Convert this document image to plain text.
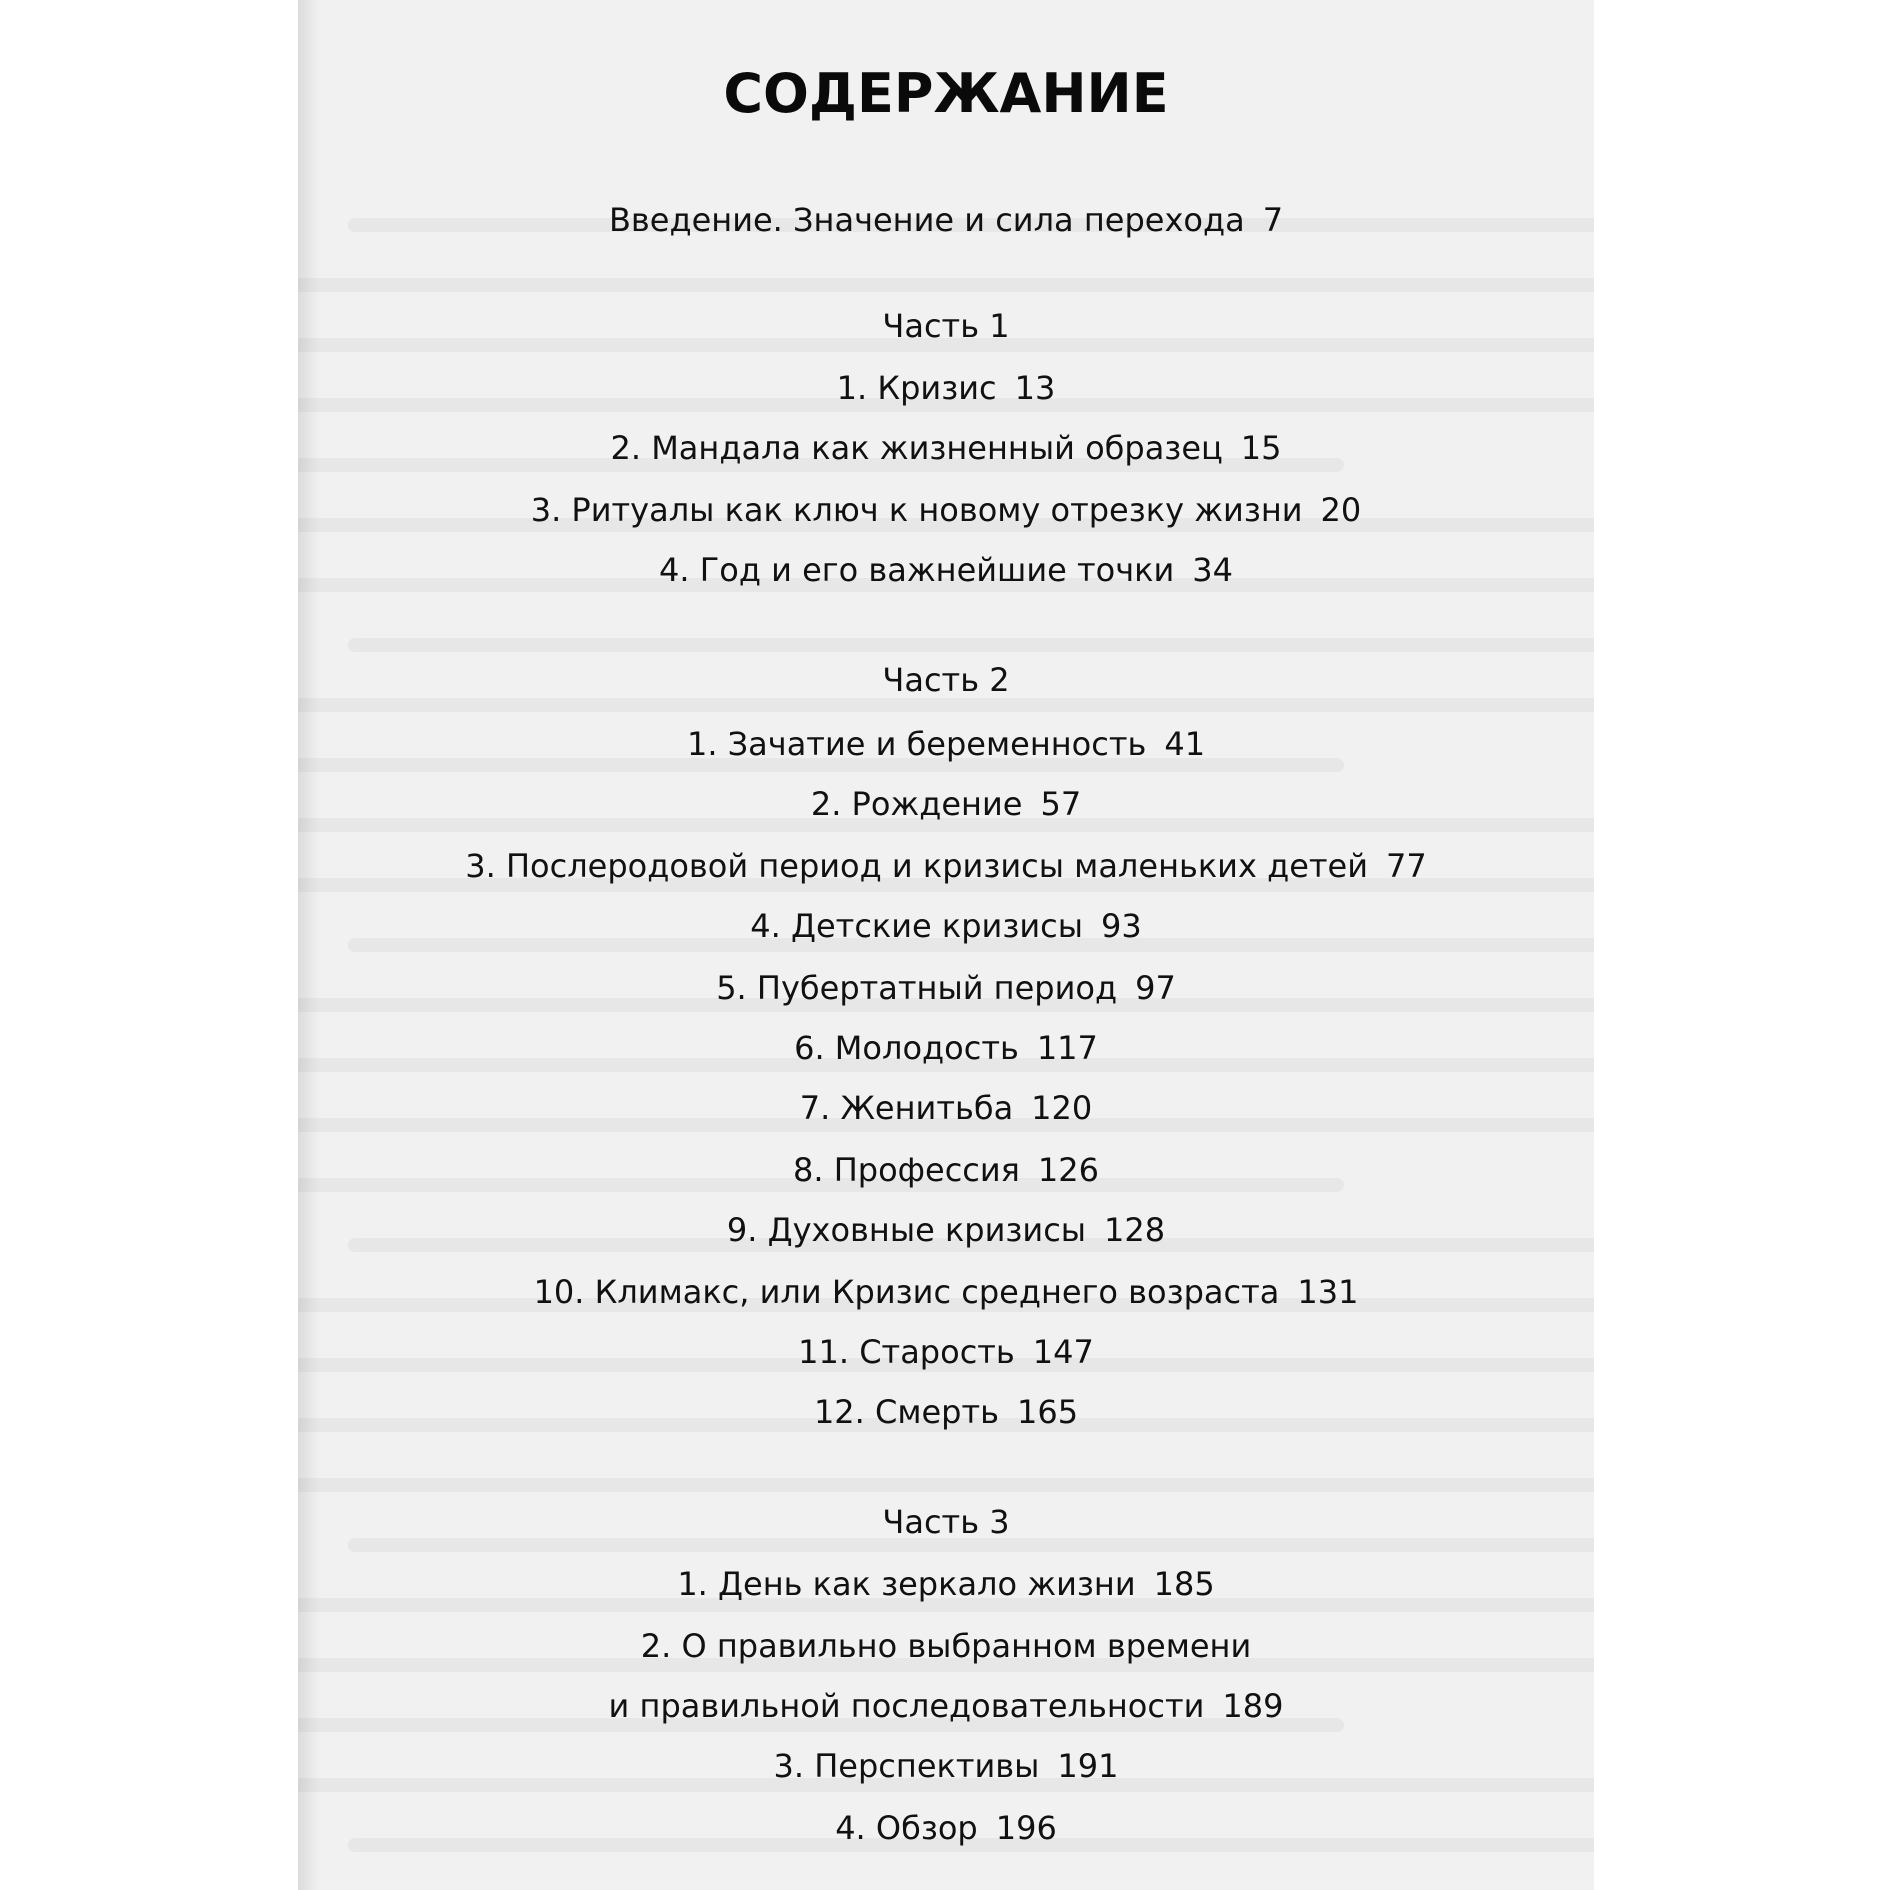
СОДЕРЖАНИЕ
Введение. Значение и сила перехода 7
Часть 1
1. Кризис 13
2. Мандала как жизненный образец 15
3. Ритуалы как ключ к новому отрезку жизни 20
4. Год и его важнейшие точки 34
Часть 2
1. Зачатие и беременность 41
2. Рождение 57
3. Послеродовой период и кризисы маленьких детей 77
4. Детские кризисы 93
5. Пубертатный период 97
6. Молодость 117
7. Женитьба 120
8. Профессия 126
9. Духовные кризисы 128
10. Климакс, или Кризис среднего возраста 131
11. Старость 147
12. Смерть 165
Часть 3
1. День как зеркало жизни 185
2. О правильно выбранном времени
и правильной последовательности 189
3. Перспективы 191
4. Обзор 196
